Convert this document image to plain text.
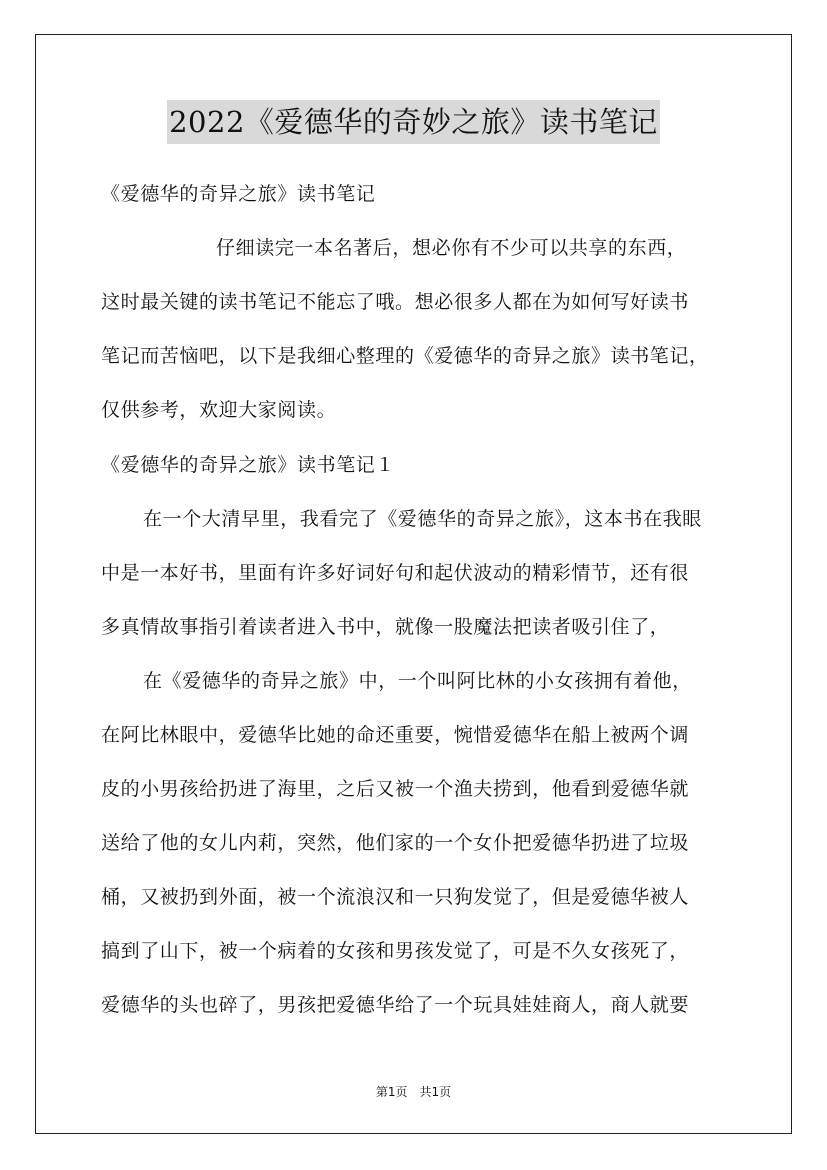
2022《爱德华的奇妙之旅》读书笔记
《爱德华的奇异之旅》读书笔记
仔细读完一本名著后，想必你有不少可以共享的东西，
这时最关键的读书笔记不能忘了哦。想必很多人都在为如何写好读书
笔记而苦恼吧，以下是我细心整理的《爱德华的奇异之旅》读书笔记，
仅供参考，欢迎大家阅读。
《爱德华的奇异之旅》读书笔记１
在一个大清早里，我看完了《爱德华的奇异之旅》，这本书在我眼
中是一本好书，里面有许多好词好句和起伏波动的精彩情节，还有很
多真情故事指引着读者进入书中，就像一股魔法把读者吸引住了，
在《爱德华的奇异之旅》中，一个叫阿比林的小女孩拥有着他，
在阿比林眼中，爱德华比她的命还重要，惋惜爱德华在船上被两个调
皮的小男孩给扔进了海里，之后又被一个渔夫捞到，他看到爱德华就
送给了他的女儿内莉，突然，他们家的一个女仆把爱德华扔进了垃圾
桶，又被扔到外面，被一个流浪汉和一只狗发觉了，但是爱德华被人
搞到了山下，被一个病着的女孩和男孩发觉了，可是不久女孩死了，
爱德华的头也碎了，男孩把爱德华给了一个玩具娃娃商人，商人就要
第1页　共1页
